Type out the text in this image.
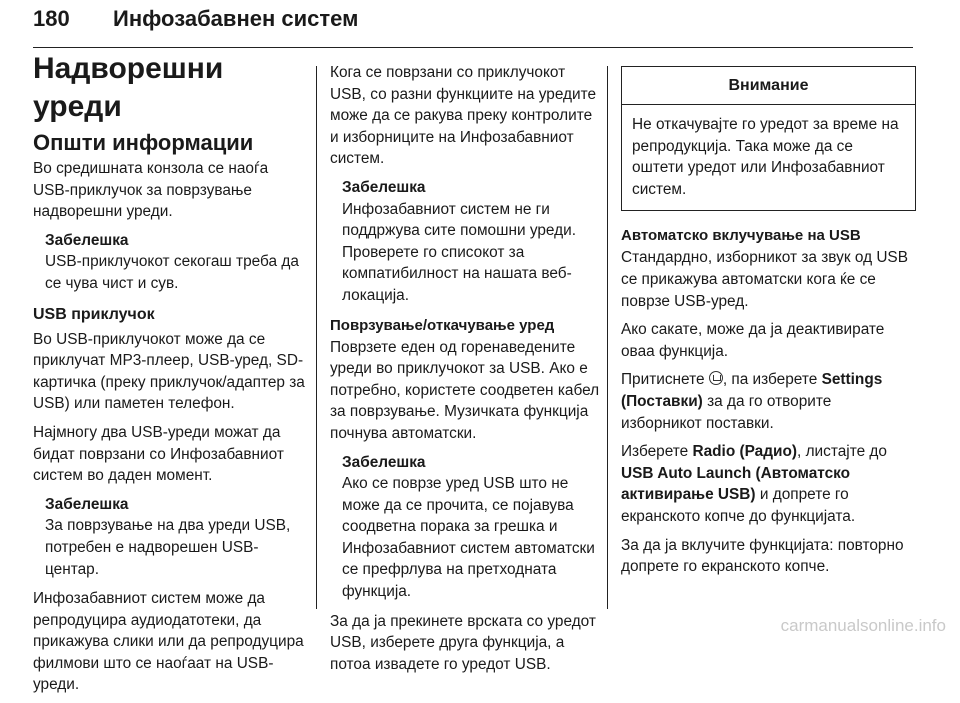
180 Инфозабавнен систем
Надворешни уреди
Општи информации

Во средишната конзола се наоѓа USB-приклучок за поврзување надворешни уреди.

Забелешка

USB-приклучокот секогаш треба да се чува чист и сув.

USB приклучок

Во USB-приклучокот може да се приклучат MP3-плеер, USB-уред, SD-картичка (преку приклучок/адаптер за USB) или паметен телефон.

Најмногу два USB-уреди можат да бидат поврзани со Инфозабавниот систем во даден момент.

Забелешка

За поврзување на два уреди USB, потребен е надворешен USB-центар.

Инфозабавниот систем може да репродуцира аудиодатотеки, да прикажува слики или да репродуцира филмови што се наоѓаат на USB-уреди.

Кога се поврзани со приклучокот USB, со разни функциите на уредите може да се ракува преку контролите и изборниците на Инфозабавниот систем.

Забелешка

Инфозабавниот систем не ги поддржува сите помошни уреди. Проверете го списокот за компатибилност на нашата веб-локација.

Поврзување/откачување уред

Поврзете еден од горенаведените уреди во приклучокот за USB. Ако е потребно, користете соодветен кабел за поврзување. Музичката функција почнува автоматски.

Забелешка

Ако се поврзе уред USB што не може да се прочита, се појавува соодветна порака за грешка и Инфозабавниот систем автоматски се префрлува на претходната функција.

За да ја прекинете врската со уредот USB, изберете друга функција, а потоа извадете го уредот USB.

Внимание

Не откачувајте го уредот за време на репродукција. Така може да се оштети уредот или Инфозабавниот систем.

Автоматско вклучување на USB

Стандардно, изборникот за звук од USB се прикажува автоматски кога ќе се поврзе USB-уред.

Ако сакате, може да ја деактивирате оваа функција.

Притиснете , па изберете Settings (Поставки) за да го отворите изборникот поставки.

Изберете Radio (Радио), листајте до USB Auto Launch (Автоматско активирање USB) и допрете го екранското копче до функцијата.

За да ја вклучите функцијата: повторно допрете го екранското копче.

carmanualsonline.info
